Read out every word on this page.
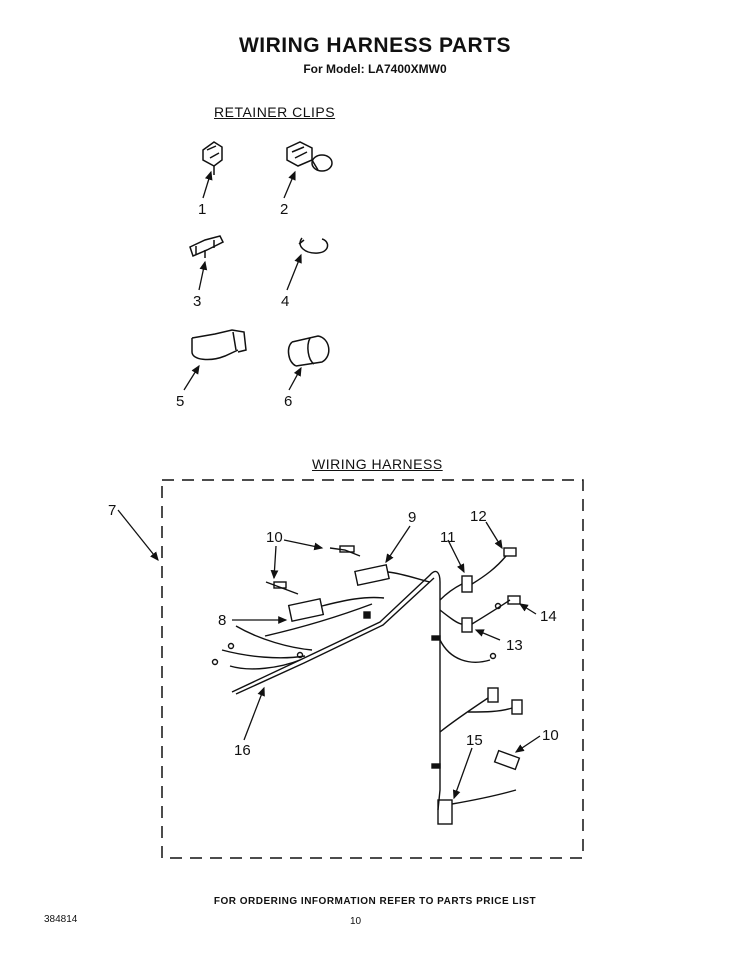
WIRING HARNESS PARTS
For Model: LA7400XMW0
RETAINER CLIPS
WIRING HARNESS
1	2
3	4
5	6
7
8
9
10	11
12
13
14
15
16
10
FOR ORDERING INFORMATION REFER TO PARTS PRICE LIST
384814	10
